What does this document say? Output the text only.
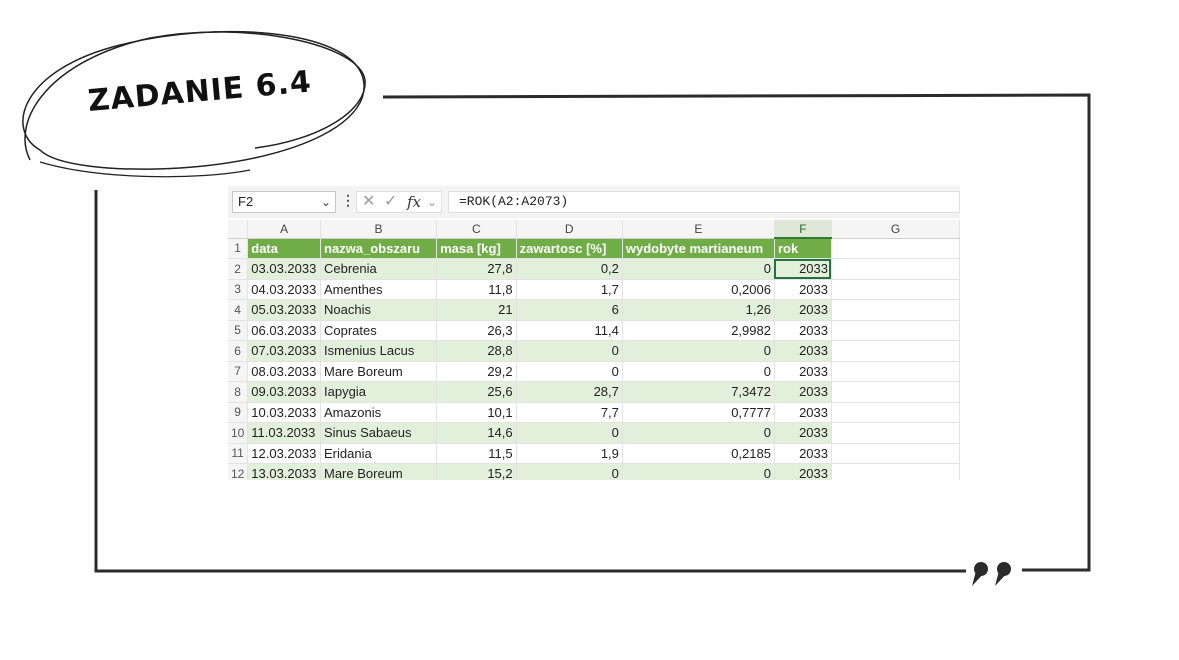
ZADANIE 6.4
F2	⌄ ⋮ ✕ ✓ fx ⌄	=ROK(A2:A2073)
	A	B	C	D	E	F	G
1	data	nazwa_obszaru	masa [kg]	zawartosc [%]	wydobyte martianeum	rok	
2	03.03.2033	Cebrenia	27,8	0,2	0	2033	
3	04.03.2033	Amenthes	11,8	1,7	0,2006	2033	
4	05.03.2033	Noachis	21	6	1,26	2033	
5	06.03.2033	Coprates	26,3	11,4	2,9982	2033	
6	07.03.2033	Ismenius Lacus	28,8	0	0	2033	
7	08.03.2033	Mare Boreum	29,2	0	0	2033	
8	09.03.2033	Iapygia	25,6	28,7	7,3472	2033	
9	10.03.2033	Amazonis	10,1	7,7	0,7777	2033	
10	11.03.2033	Sinus Sabaeus	14,6	0	0	2033	
11	12.03.2033	Eridania	11,5	1,9	0,2185	2033	
12	13.03.2033	Mare Boreum	15,2	0	0	2033	
